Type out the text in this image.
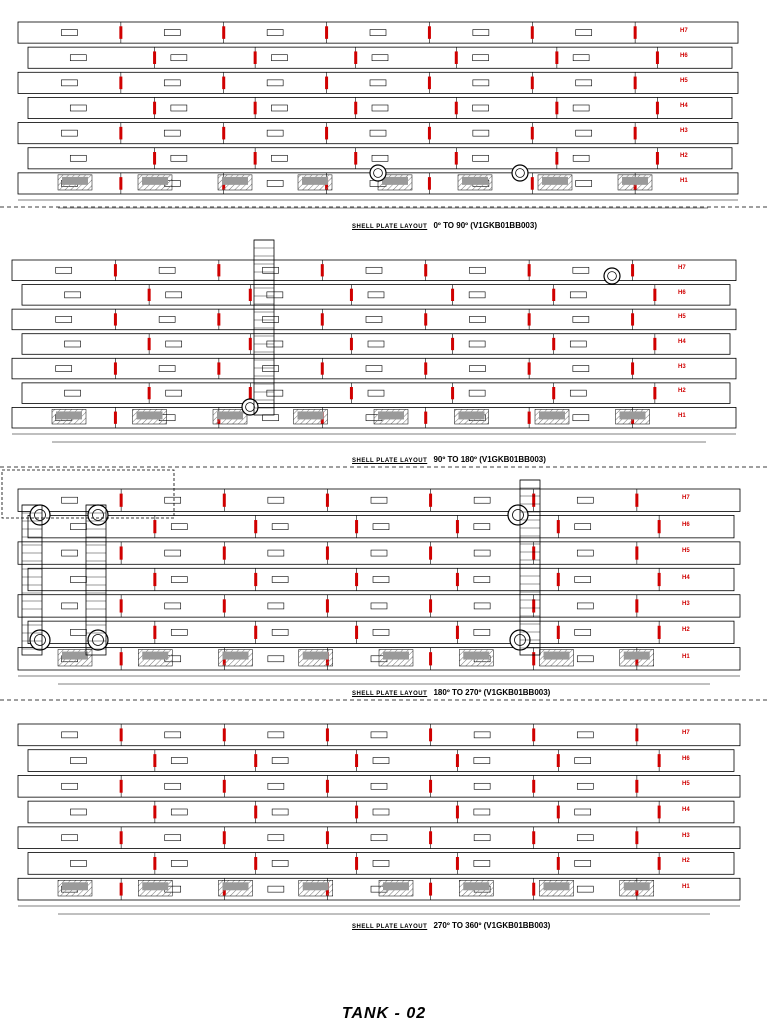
SHELL PLATE LAYOUT 0º TO 90º (V1GKB01BB003)
SHELL PLATE LAYOUT 90º TO 180º (V1GKB01BB003)
SHELL PLATE LAYOUT 180º TO 270º (V1GKB01BB003)
SHELL PLATE LAYOUT 270º TO 360º (V1GKB01BB003)
H7
H6
H5
H4
H3
H2
H1
H7
H6
H5
H4
H3
H2
H1
H7
H6
H5
H4
H3
H2
H1
H7
H6
H5
H4
H3
H2
H1
TANK - 02
